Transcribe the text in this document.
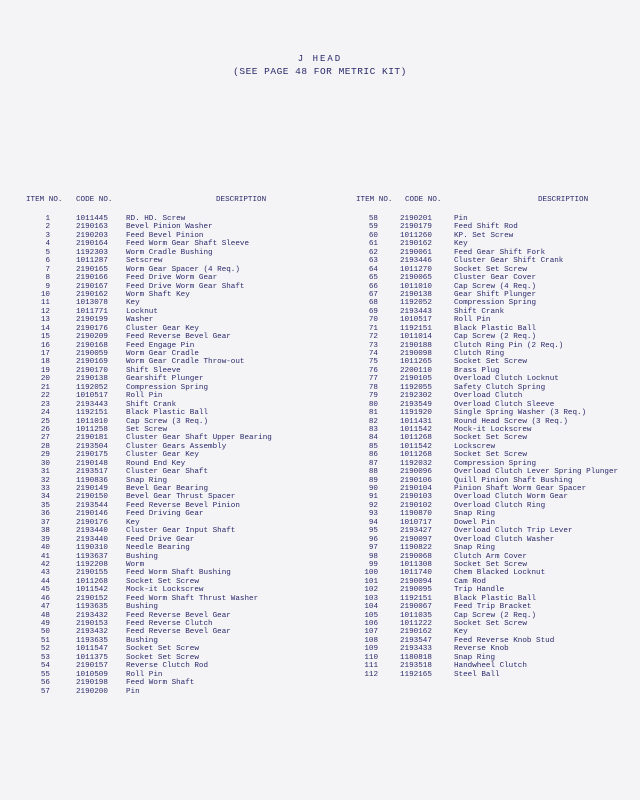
J HEAD
(SEE PAGE 48 FOR METRIC KIT)
ITEM NO. CODE NO.	DESCRIPTION
1	1011445 RD. HD. Screw
2	2190163 Bevel Pinion Washer
3	2190203 Feed Bevel Pinion
4	2190164 Feed Worm Gear Shaft Sleeve
5	1192303 Worm Cradle Bushing
6	1011287 Setscrew
7	2190165 Worm Gear Spacer (4 Req.)
8	2190166 Feed Drive Worm Gear
9	2190167 Feed Drive Worm Gear Shaft
10	2190162 Worm Shaft Key
11	1013078 Key
12	1011771 Locknut
13	2190199 Washer
14	2190176 Cluster Gear Key
15	2190209 Feed Reverse Bevel Gear
16	2190168 Feed Engage Pin
17	2190059 Worm Gear Cradle
18	2190169 Worm Gear Cradle Throw-out
19	2190170 Shift Sleeve
20	2190138 Gearshift Plunger
21	1192052 Compression Spring
22	1010517 Roll Pin
23	2193443 Shift Crank
24	1192151 Black Plastic Ball
25	1011010 Cap Screw (3 Req.)
26	1011258 Set Screw
27	2190181 Cluster Gear Shaft Upper Bearing
28	2193504 Cluster Gears Assembly
29	2190175 Cluster Gear Key
30	2190148 Round End Key
31	2193517 Cluster Gear Shaft
32	1190836 Snap Ring
33	2190149 Bevel Gear Bearing
34	2190150 Bevel Gear Thrust Spacer
35	2193544 Feed Reverse Bevel Pinion
36	2190146 Feed Driving Gear
37	2190176 Key
38	2193440 Cluster Gear Input Shaft
39	2193440 Feed Drive Gear
40	1190310 Needle Bearing
41	1193637 Bushing
42	1192208 Worm
43	2190155 Feed Worm Shaft Bushing
44	1011268 Socket Set Screw
45	1011542 Mock-it Lockscrew
46	2190152 Feed Worm Shaft Thrust Washer
47	1193635 Bushing
48	2193432 Feed Reverse Bevel Gear
49	2190153 Feed Reverse Clutch
50	2193432 Feed Reverse Bevel Gear
51	1193635 Bushing
52	1011547 Socket Set Screw
53	1011375 Socket Set Screw
54	2190157 Reverse Clutch Rod
55	1010509 Roll Pin
56	2190198 Feed Worm Shaft
57	2190200 Pin
ITEM NO. CODE NO.	DESCRIPTION
58	2190201	Pin
59	2190179	Feed Shift Rod
60	1011260	KP. Set Screw
61	2190162	Key
62	2190061	Feed Gear Shift Fork
63	2193446	Cluster Gear Shift Crank
64	1011270	Socket Set Screw
65	2190065	Cluster Gear Cover
66	1011010	Cap Screw (4 Req.)
67	2190138	Gear Shift Plunger
68	1192052	Compression Spring
69	2193443	Shift Crank
70	1010517	Roll Pin
71	1192151	Black Plastic Ball
72	1011014	Cap Screw (2 Req.)
73	2190188	Clutch Ring Pin (2 Req.)
74	2190098	Clutch Ring
75	1011265	Socket Set Screw
76	2200110	Brass Plug
77	2190105	Overload Clutch Locknut
78	1192055	Safety Clutch Spring
79	2192302	Overload Clutch
80	2193549	Overload Clutch Sleeve
81	1191920	Single Spring Washer (3 Req.)
82	1011431	Round Head Screw (3 Req.)
83	1011542	Mock-it Lockscrew
84	1011268	Socket Set Screw
85	1011542	Lockscrew
86	1011268	Socket Set Screw
87	1192032	Compression Spring
88	2190096	Overload Clutch Lever Spring Plunger
89	2190106	Quill Pinion Shaft Bushing
90	2190104	Pinion Shaft Worm Gear Spacer
91	2190103	Overload Clutch Worm Gear
92	2190102	Overload Clutch Ring
93	1190870	Snap Ring
94	1010717	Dowel Pin
95	2193427	Overload Clutch Trip Lever
96	2190097	Overload Clutch Washer
97	1190822	Snap Ring
98	2190068	Clutch Arm Cover
99	1011308	Socket Set Screw
100	1011740	Chem Blacked Locknut
101	2190094	Cam Rod
102	2190095	Trip Handle
103	1192151	Black Plastic Ball
104	2190067	Feed Trip Bracket
105	1011035	Cap Screw (2 Req.)
106	1011222	Socket Set Screw
107	2190162	Key
108	2193547	Feed Reverse Knob Stud
109	2193433	Reverse Knob
110	1180818	Snap Ring
111	2193518	Handwheel Clutch
112	1192165	Steel Ball
